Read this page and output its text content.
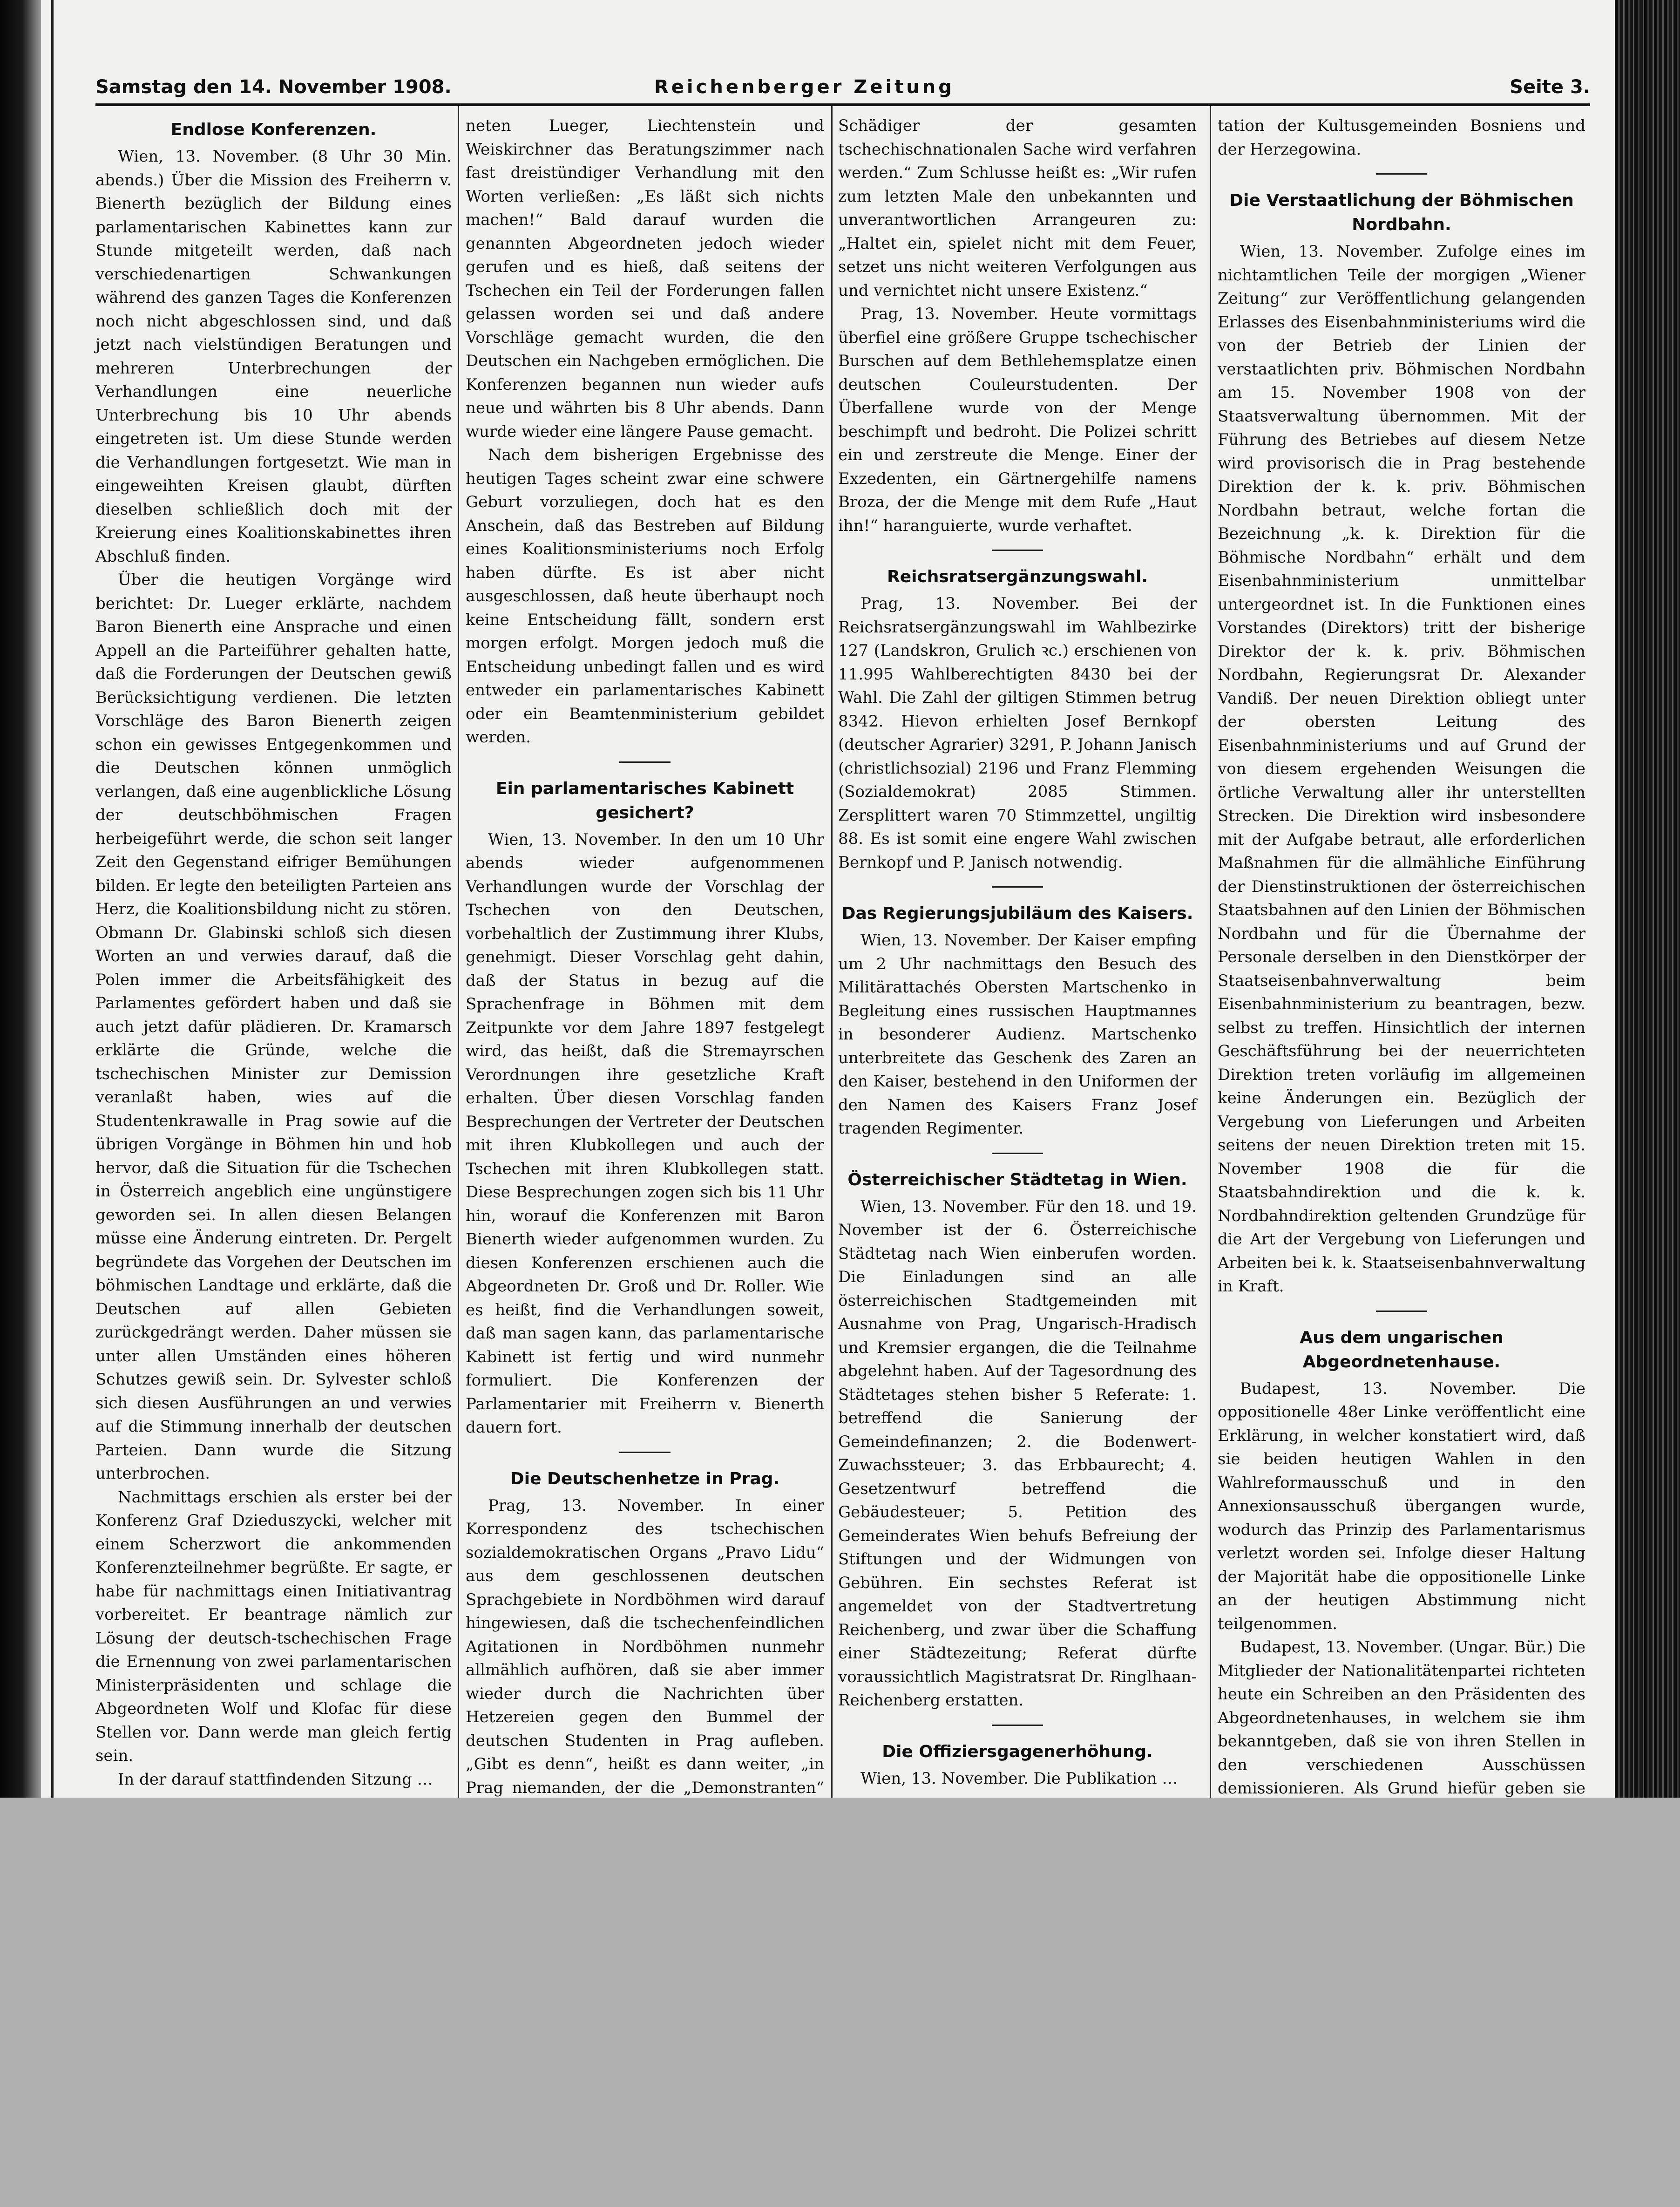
Samstag den 14. November 1908.	Reichenberger Zeitung	Seite 3.
Endlose Konferenzen.

Wien, 13. November. (8 Uhr 30 Min. abends.) Über die Mission des Freiherrn v. Bienerth bezüglich der Bildung eines parlamentarischen Kabinettes kann zur Stunde mitgeteilt werden, daß nach verschiedenartigen Schwankungen während des ganzen Tages die Konferenzen noch nicht abgeschlossen sind, und daß jetzt nach vielstündigen Beratungen und mehreren Unterbrechungen der Verhandlungen eine neuerliche Unterbrechung bis 10 Uhr abends eingetreten ist. Um diese Stunde werden die Verhandlungen fortgesetzt. Wie man in eingeweihten Kreisen glaubt, dürften dieselben schließlich doch mit der Kreierung eines Koalitionskabinettes ihren Abschluß finden.

Über die heutigen Vorgänge wird berichtet: Dr. Lueger erklärte, nachdem Baron Bienerth eine Ansprache und einen Appell an die Parteiführer gehalten hatte, daß die Forderungen der Deutschen gewiß Berücksichtigung verdienen. Die letzten Vorschläge des Baron Bienerth zeigen schon ein gewisses Entgegenkommen und die Deutschen können unmöglich verlangen, daß eine augenblickliche Lösung der deutschböhmischen Fragen herbeigeführt werde, die schon seit langer Zeit den Gegenstand eifriger Bemühungen bilden. Er legte den beteiligten Parteien ans Herz, die Koalitionsbildung nicht zu stören. Obmann Dr. Glabinski schloß sich diesen Worten an und verwies darauf, daß die Polen immer die Arbeitsfähigkeit des Parlamentes gefördert haben und daß sie auch jetzt dafür plädieren. Dr. Kramarsch erklärte die Gründe, welche die tschechischen Minister zur Demission veranlaßt haben, wies auf die Studentenkrawalle in Prag sowie auf die übrigen Vorgänge in Böhmen hin und hob hervor, daß die Situation für die Tschechen in Österreich angeblich eine ungünstigere geworden sei. In allen diesen Belangen müsse eine Änderung eintreten. Dr. Pergelt begründete das Vorgehen der Deutschen im böhmischen Landtage und erklärte, daß die Deutschen auf allen Gebieten zurückgedrängt werden. Daher müssen sie unter allen Umständen eines höheren Schutzes gewiß sein. Dr. Sylvester schloß sich diesen Ausführungen an und verwies auf die Stimmung innerhalb der deutschen Parteien. Dann wurde die Sitzung unterbrochen.

Nachmittags erschien als erster bei der Konferenz Graf Dzieduszycki, welcher mit einem Scherzwort die ankommenden Konferenzteilnehmer begrüßte. Er sagte, er habe für nachmittags einen Initiativantrag vorbereitet. Er beantrage nämlich zur Lösung der deutsch-tschechischen Frage die Ernennung von zwei parlamentarischen Ministerpräsidenten und schlage die Abgeordneten Wolf und Klofac für diese Stellen vor. Dann werde man gleich fertig sein.

In der darauf stattfindenden Sitzung …

neten Lueger, Liechtenstein und Weiskirchner das Beratungszimmer nach fast dreistündiger Verhandlung mit den Worten verließen: „Es läßt sich nichts machen!“ Bald darauf wurden die genannten Abgeordneten jedoch wieder gerufen und es hieß, daß seitens der Tschechen ein Teil der Forderungen fallen gelassen worden sei und daß andere Vorschläge gemacht wurden, die den Deutschen ein Nachgeben ermöglichen. Die Konferenzen begannen nun wieder aufs neue und währten bis 8 Uhr abends. Dann wurde wieder eine längere Pause gemacht.

Nach dem bisherigen Ergebnisse des heutigen Tages scheint zwar eine schwere Geburt vorzuliegen, doch hat es den Anschein, daß das Bestreben auf Bildung eines Koalitionsministeriums noch Erfolg haben dürfte. Es ist aber nicht ausgeschlossen, daß heute überhaupt noch keine Entscheidung fällt, sondern erst morgen erfolgt. Morgen jedoch muß die Entscheidung unbedingt fallen und es wird entweder ein parlamentarisches Kabinett oder ein Beamtenministerium gebildet werden.

Ein parlamentarisches Kabinett gesichert?

Wien, 13. November. In den um 10 Uhr abends wieder aufgenommenen Verhandlungen wurde der Vorschlag der Tschechen von den Deutschen, vorbehaltlich der Zustimmung ihrer Klubs, genehmigt. Dieser Vorschlag geht dahin, daß der Status in bezug auf die Sprachenfrage in Böhmen mit dem Zeitpunkte vor dem Jahre 1897 festgelegt wird, das heißt, daß die Stremayrschen Verordnungen ihre gesetzliche Kraft erhalten. Über diesen Vorschlag fanden Besprechungen der Vertreter der Deutschen mit ihren Klubkollegen und auch der Tschechen mit ihren Klubkollegen statt. Diese Besprechungen zogen sich bis 11 Uhr hin, worauf die Konferenzen mit Baron Bienerth wieder aufgenommen wurden. Zu diesen Konferenzen erschienen auch die Abgeordneten Dr. Groß und Dr. Roller. Wie es heißt, find die Verhandlungen soweit, daß man sagen kann, das parlamentarische Kabinett ist fertig und wird nunmehr formuliert. Die Konferenzen der Parlamentarier mit Freiherrn v. Bienerth dauern fort.

Die Deutschenhetze in Prag.

Prag, 13. November. In einer Korrespondenz des tschechischen sozialdemokratischen Organs „Pravo Lidu“ aus dem geschlossenen deutschen Sprachgebiete in Nordböhmen wird darauf hingewiesen, daß die tschechenfeindlichen Agitationen in Nordböhmen nunmehr allmählich aufhören, daß sie aber immer wieder durch die Nachrichten über Hetzereien gegen den Bummel der deutschen Studenten in Prag aufleben. „Gibt es denn“, heißt es dann weiter, „in Prag niemanden, der die „Demonstranten“

Schädiger der gesamten tschechischnationalen Sache wird verfahren werden.“ Zum Schlusse heißt es: „Wir rufen zum letzten Male den unbekannten und unverantwortlichen Arrangeuren zu: „Haltet ein, spielet nicht mit dem Feuer, setzet uns nicht weiteren Verfolgungen aus und vernichtet nicht unsere Existenz.“

Prag, 13. November. Heute vormittags überfiel eine größere Gruppe tschechischer Burschen auf dem Bethlehemsplatze einen deutschen Couleurstudenten. Der Überfallene wurde von der Menge beschimpft und bedroht. Die Polizei schritt ein und zerstreute die Menge. Einer der Exzedenten, ein Gärtnergehilfe namens Broza, der die Menge mit dem Rufe „Haut ihn!“ haranguierte, wurde verhaftet.

Reichsratsergänzungswahl.

Prag, 13. November. Bei der Reichsratsergänzungswahl im Wahlbezirke 127 (Landskron, Grulich ꝛc.) erschienen von 11.995 Wahlberechtigten 8430 bei der Wahl. Die Zahl der giltigen Stimmen betrug 8342. Hievon erhielten Josef Bernkopf (deutscher Agrarier) 3291, P. Johann Janisch (christlichsozial) 2196 und Franz Flemming (Sozialdemokrat) 2085 Stimmen. Zersplittert waren 70 Stimmzettel, ungiltig 88. Es ist somit eine engere Wahl zwischen Bernkopf und P. Janisch notwendig.

Das Regierungsjubiläum des Kaisers.

Wien, 13. November. Der Kaiser empfing um 2 Uhr nachmittags den Besuch des Militärattachés Obersten Martschenko in Begleitung eines russischen Hauptmannes in besonderer Audienz. Martschenko unterbreitete das Geschenk des Zaren an den Kaiser, bestehend in den Uniformen der den Namen des Kaisers Franz Josef tragenden Regimenter.

Österreichischer Städtetag in Wien.

Wien, 13. November. Für den 18. und 19. November ist der 6. Österreichische Städtetag nach Wien einberufen worden. Die Einladungen sind an alle österreichischen Stadtgemeinden mit Ausnahme von Prag, Ungarisch-Hradisch und Kremsier ergangen, die die Teilnahme abgelehnt haben. Auf der Tagesordnung des Städtetages stehen bisher 5 Referate: 1. betreffend die Sanierung der Gemeindefinanzen; 2. die Bodenwert-Zuwachssteuer; 3. das Erbbaurecht; 4. Gesetzentwurf betreffend die Gebäudesteuer; 5. Petition des Gemeinderates Wien behufs Befreiung der Stiftungen und der Widmungen von Gebühren. Ein sechstes Referat ist angemeldet von der Stadtvertretung Reichenberg, und zwar über die Schaffung einer Städtezeitung; Referat dürfte voraussichtlich Magistratsrat Dr. Ringlhaan-Reichenberg erstatten.

Die Offiziersgagenerhöhung.

Wien, 13. November. Die Publikation …

tation der Kultusgemeinden Bosniens und der Herzegowina.

Die Verstaatlichung der Böhmischen Nordbahn.

Wien, 13. November. Zufolge eines im nichtamtlichen Teile der morgigen „Wiener Zeitung“ zur Veröffentlichung gelangenden Erlasses des Eisenbahnministeriums wird die von der Betrieb der Linien der verstaatlichten priv. Böhmischen Nordbahn am 15. November 1908 von der Staatsverwaltung übernommen. Mit der Führung des Betriebes auf diesem Netze wird provisorisch die in Prag bestehende Direktion der k. k. priv. Böhmischen Nordbahn betraut, welche fortan die Bezeichnung „k. k. Direktion für die Böhmische Nordbahn“ erhält und dem Eisenbahnministerium unmittelbar untergeordnet ist. In die Funktionen eines Vorstandes (Direktors) tritt der bisherige Direktor der k. k. priv. Böhmischen Nordbahn, Regierungsrat Dr. Alexander Vandiß. Der neuen Direktion obliegt unter der obersten Leitung des Eisenbahnministeriums und auf Grund der von diesem ergehenden Weisungen die örtliche Verwaltung aller ihr unterstellten Strecken. Die Direktion wird insbesondere mit der Aufgabe betraut, alle erforderlichen Maßnahmen für die allmähliche Einführung der Dienstinstruktionen der österreichischen Staatsbahnen auf den Linien der Böhmischen Nordbahn und für die Übernahme der Personale derselben in den Dienstkörper der Staatseisenbahnverwaltung beim Eisenbahnministerium zu beantragen, bezw. selbst zu treffen. Hinsichtlich der internen Geschäftsführung bei der neuerrichteten Direktion treten vorläufig im allgemeinen keine Änderungen ein. Bezüglich der Vergebung von Lieferungen und Arbeiten seitens der neuen Direktion treten mit 15. November 1908 die für die Staatsbahndirektion und die k. k. Nordbahndirektion geltenden Grundzüge für die Art der Vergebung von Lieferungen und Arbeiten bei k. k. Staatseisenbahnverwaltung in Kraft.

Aus dem ungarischen Abgeordnetenhause.

Budapest, 13. November. Die oppositionelle 48er Linke veröffentlicht eine Erklärung, in welcher konstatiert wird, daß sie beiden heutigen Wahlen in den Wahlreformausschuß und in den Annexionsausschuß übergangen wurde, wodurch das Prinzip des Parlamentarismus verletzt worden sei. Infolge dieser Haltung der Majorität habe die oppositionelle Linke an der heutigen Abstimmung nicht teilgenommen.

Budapest, 13. November. (Ungar. Bür.) Die Mitglieder der Nationalitätenpartei richteten heute ein Schreiben an den Präsidenten des Abgeordnetenhauses, in welchem sie ihm bekanntgeben, daß sie von ihren Stellen in den verschiedenen Ausschüssen demissionieren. Als Grund hiefür geben sie
